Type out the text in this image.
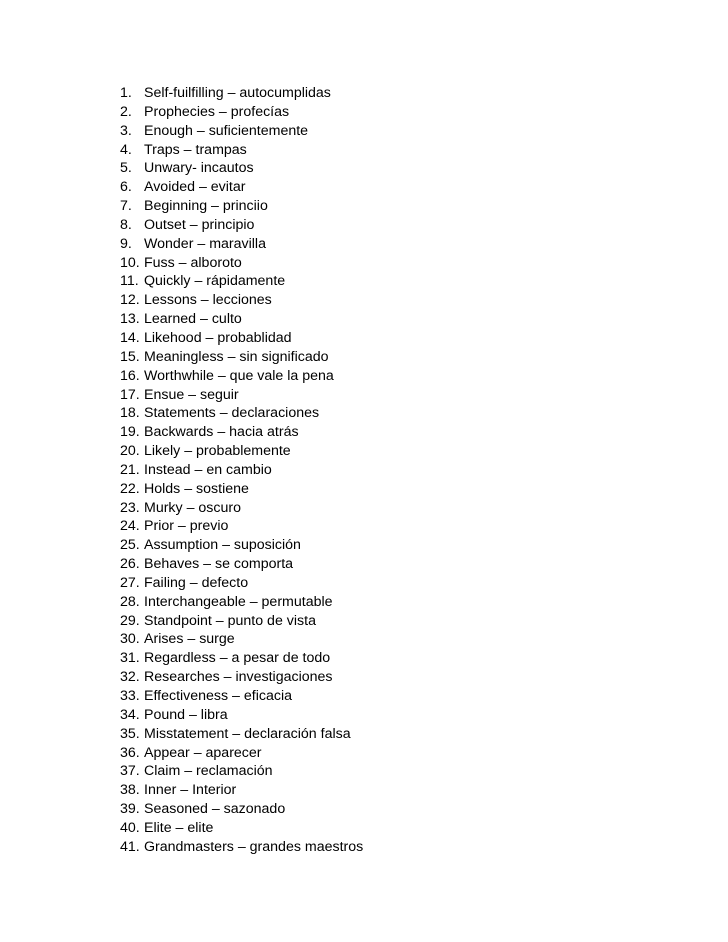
1. Self-fuilfilling – autocumplidas
2. Prophecies – profecías
3. Enough – suficientemente
4. Traps – trampas
5. Unwary- incautos
6. Avoided – evitar
7. Beginning – princiio
8. Outset – principio
9. Wonder – maravilla
10. Fuss – alboroto
11. Quickly – rápidamente
12. Lessons – lecciones
13. Learned – culto
14. Likehood – probablidad
15. Meaningless – sin significado
16. Worthwhile – que vale la pena
17. Ensue – seguir
18. Statements – declaraciones
19. Backwards – hacia atrás
20. Likely – probablemente
21. Instead – en cambio
22. Holds – sostiene
23. Murky – oscuro
24. Prior – previo
25. Assumption – suposición
26. Behaves – se comporta
27. Failing – defecto
28. Interchangeable – permutable
29. Standpoint – punto de vista
30. Arises – surge
31. Regardless – a pesar de todo
32. Researches – investigaciones
33. Effectiveness – eficacia
34. Pound – libra
35. Misstatement – declaración falsa
36. Appear – aparecer
37. Claim – reclamación
38. Inner – Interior
39. Seasoned – sazonado
40. Elite – elite
41. Grandmasters – grandes maestros
